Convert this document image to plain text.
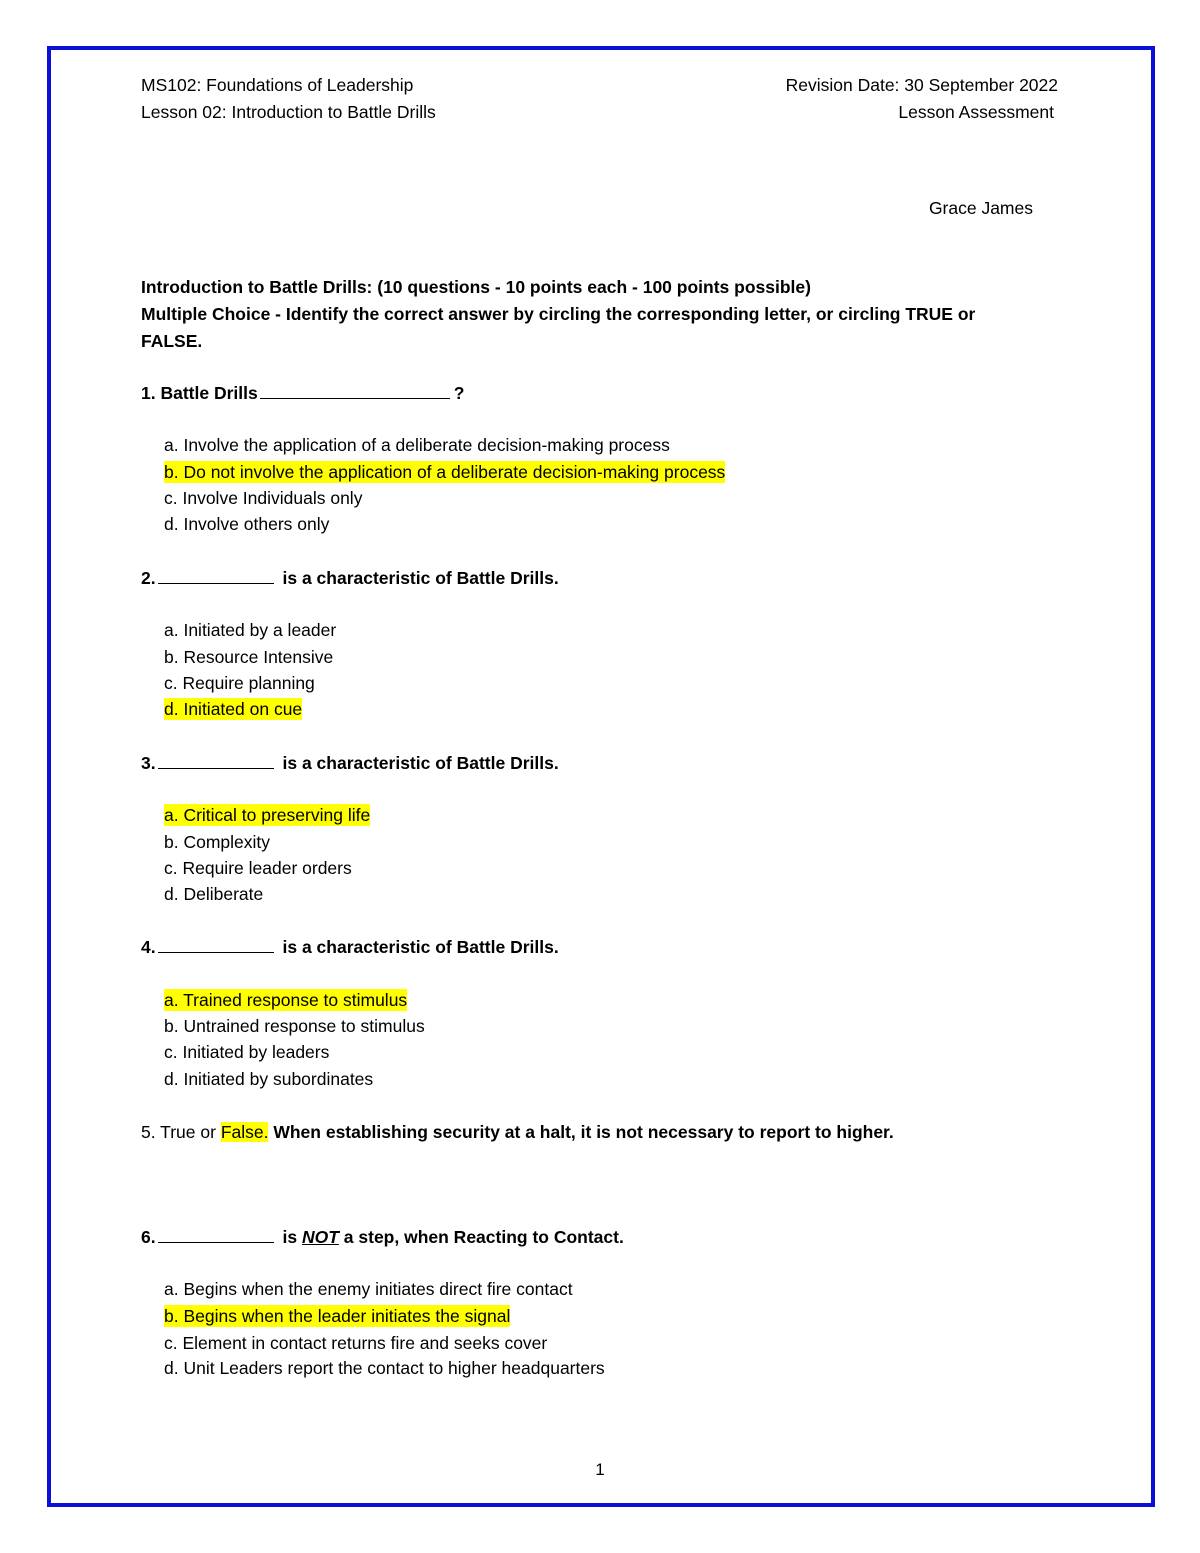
MS102: Foundations of Leadership
Lesson 02: Introduction to Battle Drills
Revision Date: 30 September 2022
Lesson Assessment
Grace James
Introduction to Battle Drills: (10 questions - 10 points each - 100 points possible)
Multiple Choice - Identify the correct answer by circling the corresponding letter, or circling TRUE or
FALSE.
1. Battle Drills	?
a. Involve the application of a deliberate decision-making process
b. Do not involve the application of a deliberate decision-making process
c. Involve Individuals only
d. Involve others only
2.	is a characteristic of Battle Drills.
a. Initiated by a leader
b. Resource Intensive
c. Require planning
d. Initiated on cue
3.	is a characteristic of Battle Drills.
a. Critical to preserving life
b. Complexity
c. Require leader orders
d. Deliberate
4.	is a characteristic of Battle Drills.
a. Trained response to stimulus
b. Untrained response to stimulus
c. Initiated by leaders
d. Initiated by subordinates
5. True or False. When establishing security at a halt, it is not necessary to report to higher.
6.	is NOT a step, when Reacting to Contact.
a. Begins when the enemy initiates direct fire contact
b. Begins when the leader initiates the signal
c. Element in contact returns fire and seeks cover
d. Unit Leaders report the contact to higher headquarters
1
